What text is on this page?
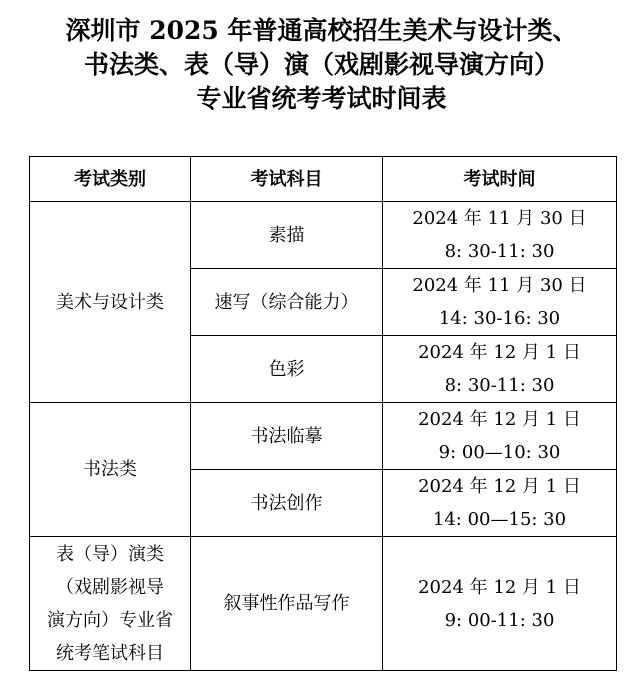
深圳市 2025 年普通高校招生美术与设计类、
书法类、表（导）演（戏剧影视导演方向）
专业省统考考试时间表
考试类别	考试科目	考试时间
美术与设计类	素描	2024 年 11 月 30 日
8: 30-11: 30

	速写（综合能力）	2024 年 11 月 30 日
14: 30-16: 30

	色彩	2024 年 12 月 1 日
8: 30-11: 30

书法类	书法临摹	2024 年 12 月 1 日
9: 00—10: 30

	书法创作	2024 年 12 月 1 日
14: 00—15: 30

表（导）演类
（戏剧影视导
演方向）专业省
统考笔试科目	叙事性作品写作	2024 年 12 月 1 日
9: 00-11: 30
